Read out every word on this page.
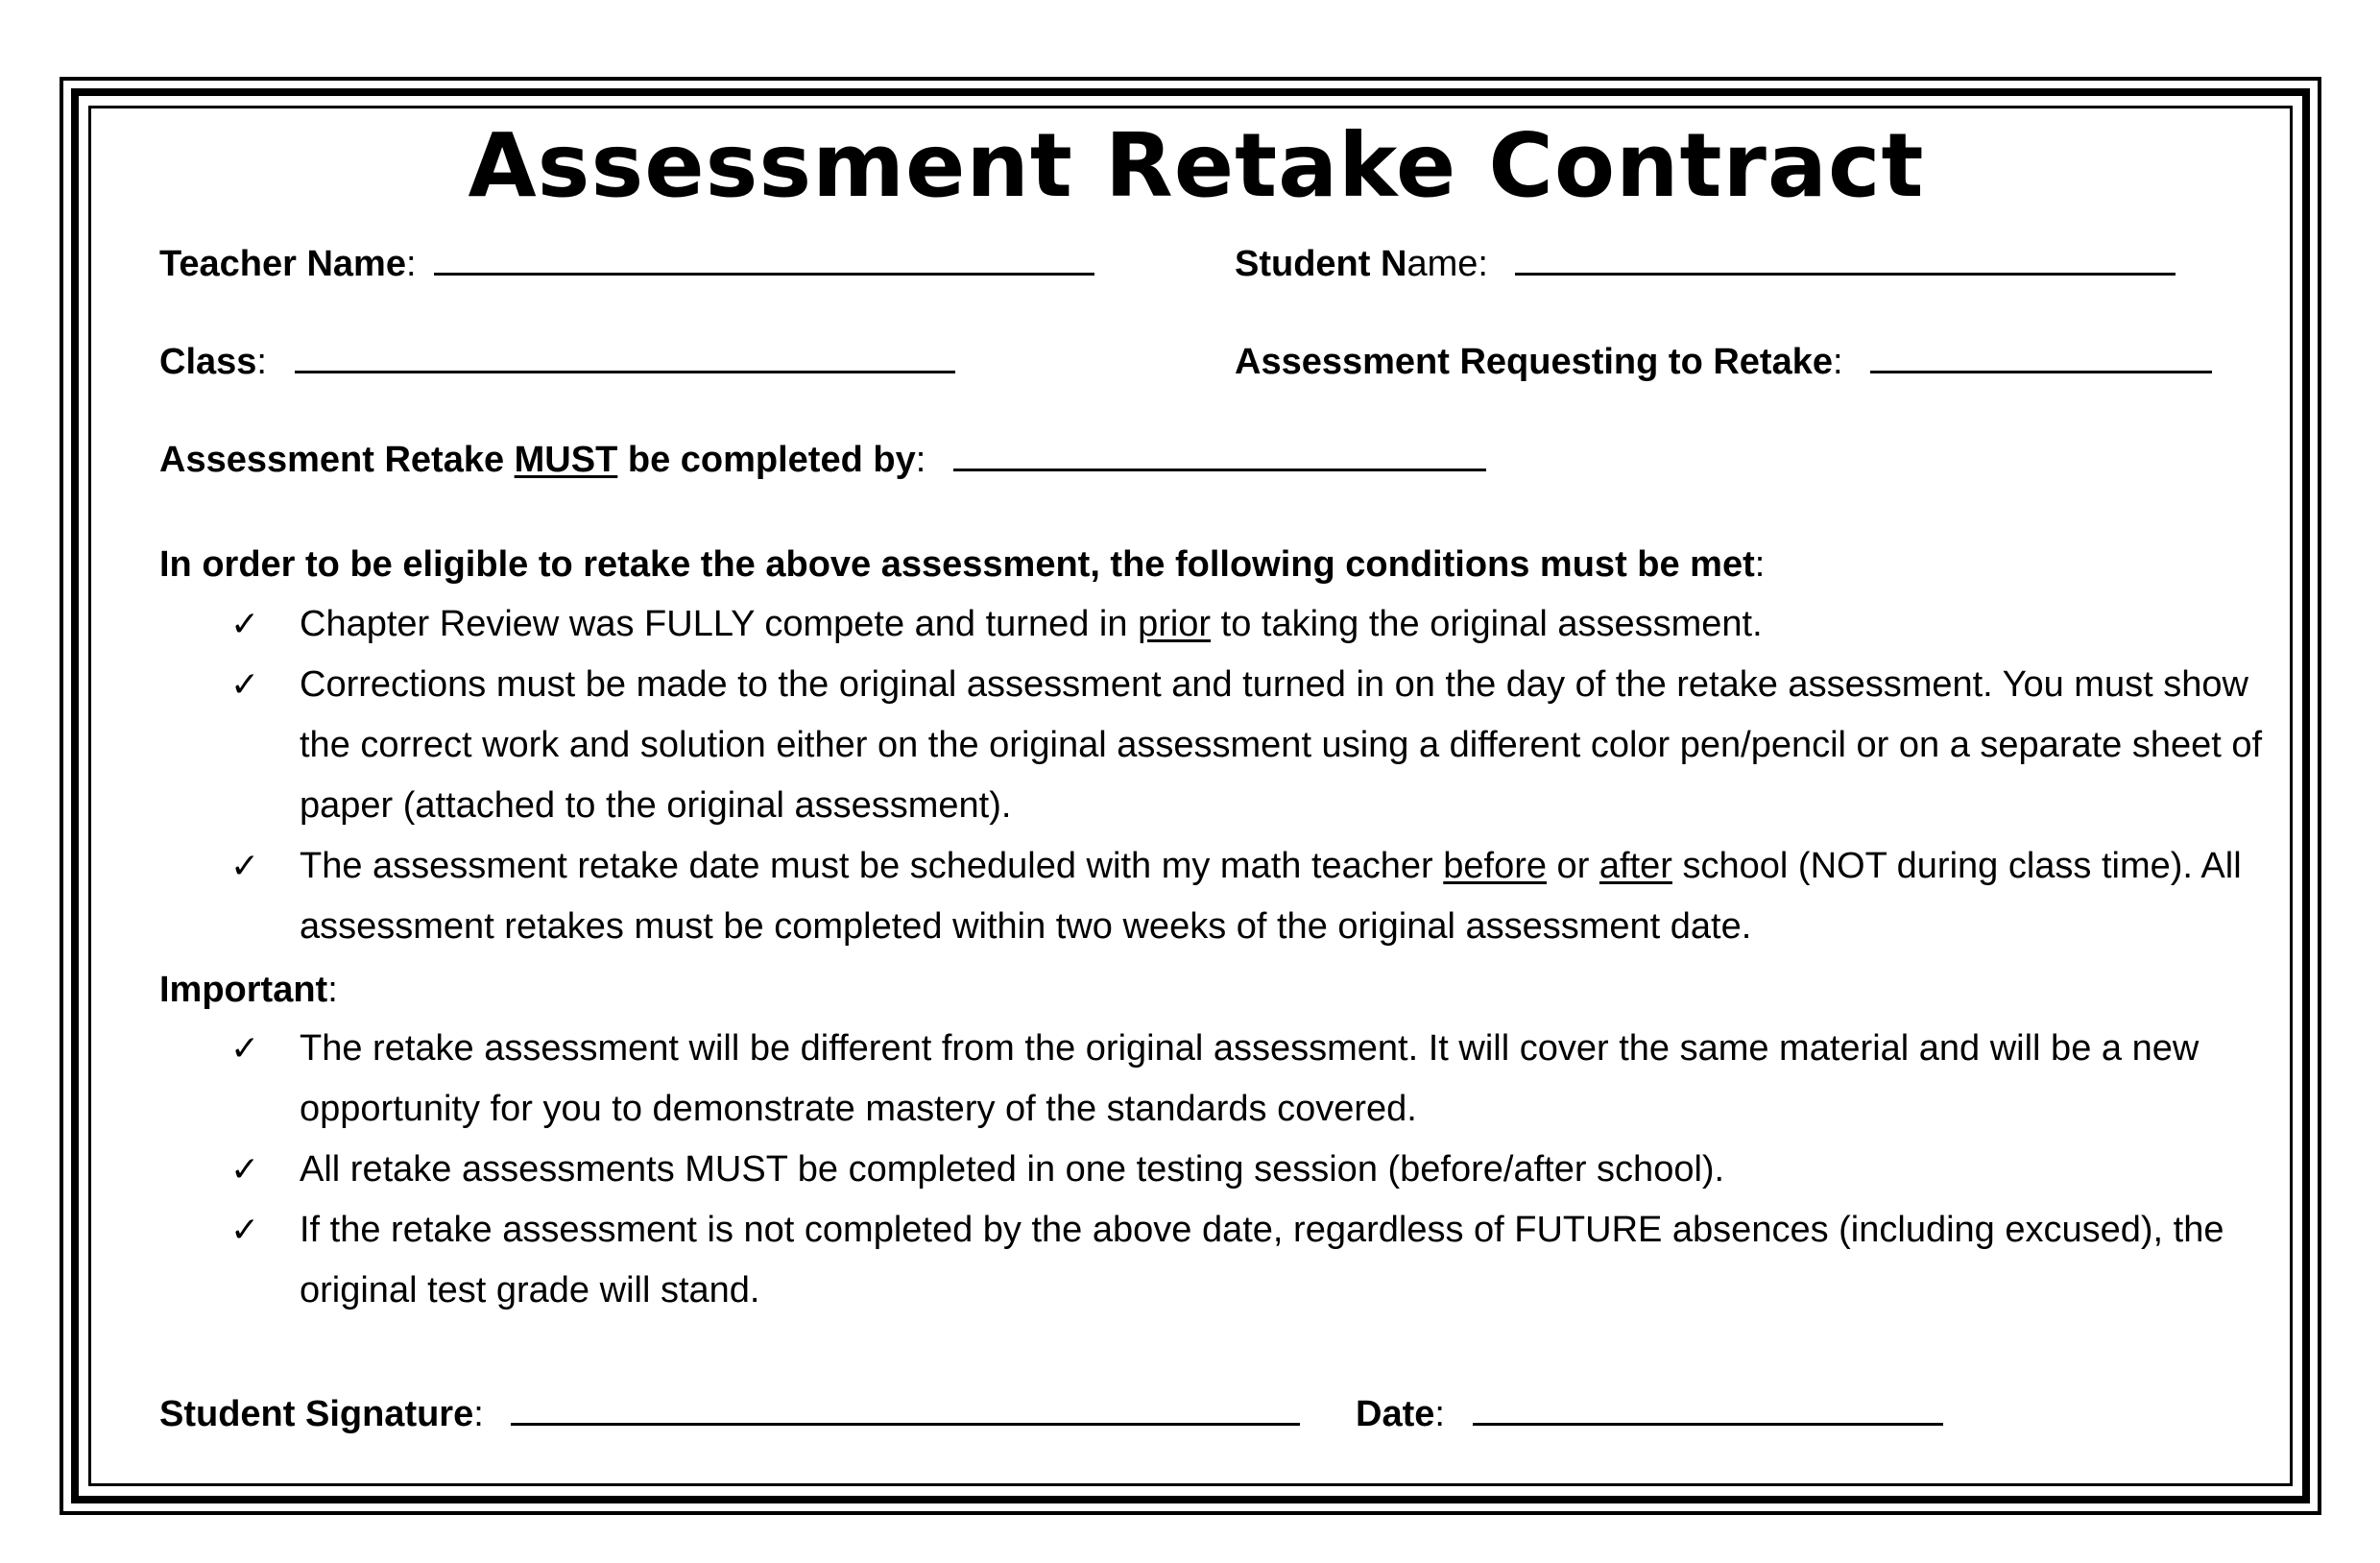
Assessment Retake Contract
Teacher Name:	Student Name:
Class:	Assessment Requesting to Retake:
Assessment Retake MUST be completed by:
In order to be eligible to retake the above assessment, the following conditions must be met:
✓ Chapter Review was FULLY compete and turned in prior to taking the original assessment.
✓ Corrections must be made to the original assessment and turned in on the day of the retake assessment. You must show the correct work and solution either on the original assessment using a different color pen/pencil or on a separate sheet of paper (attached to the original assessment).
✓ The assessment retake date must be scheduled with my math teacher before or after school (NOT during class time). All assessment retakes must be completed within two weeks of the original assessment date.
Important:
✓ The retake assessment will be different from the original assessment. It will cover the same material and will be a new opportunity for you to demonstrate mastery of the standards covered.
✓ All retake assessments MUST be completed in one testing session (before/after school).
✓ If the retake assessment is not completed by the above date, regardless of FUTURE absences (including excused), the original test grade will stand.
Student Signature:	Date:
